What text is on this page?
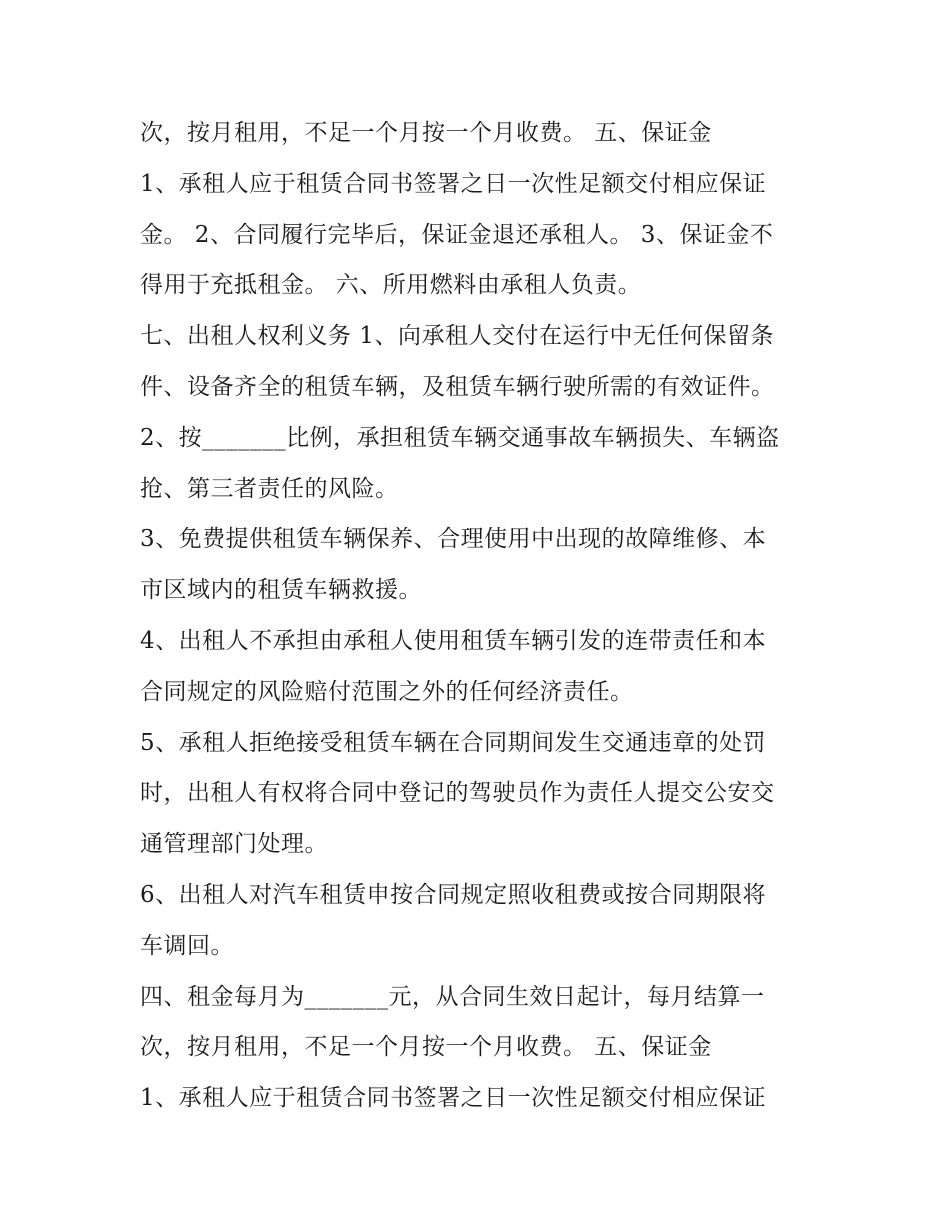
次，按月租用，不足一个月按一个月收费。 五、保证金
1、承租人应于租赁合同书签署之日一次性足额交付相应保证
金。 2、合同履行完毕后，保证金退还承租人。 3、保证金不
得用于充抵租金。 六、所用燃料由承租人负责。
七、出租人权利义务 1、向承租人交付在运行中无任何保留条
件、设备齐全的租赁车辆，及租赁车辆行驶所需的有效证件。
2、按_______比例，承担租赁车辆交通事故车辆损失、车辆盗
抢、第三者责任的风险。
3、免费提供租赁车辆保养、合理使用中出现的故障维修、本
市区域内的租赁车辆救援。
4、出租人不承担由承租人使用租赁车辆引发的连带责任和本
合同规定的风险赔付范围之外的任何经济责任。
5、承租人拒绝接受租赁车辆在合同期间发生交通违章的处罚
时，出租人有权将合同中登记的驾驶员作为责任人提交公安交
通管理部门处理。
6、出租人对汽车租赁申按合同规定照收租费或按合同期限将
车调回。
四、租金每月为_______元，从合同生效日起计，每月结算一
次，按月租用，不足一个月按一个月收费。 五、保证金
1、承租人应于租赁合同书签署之日一次性足额交付相应保证
